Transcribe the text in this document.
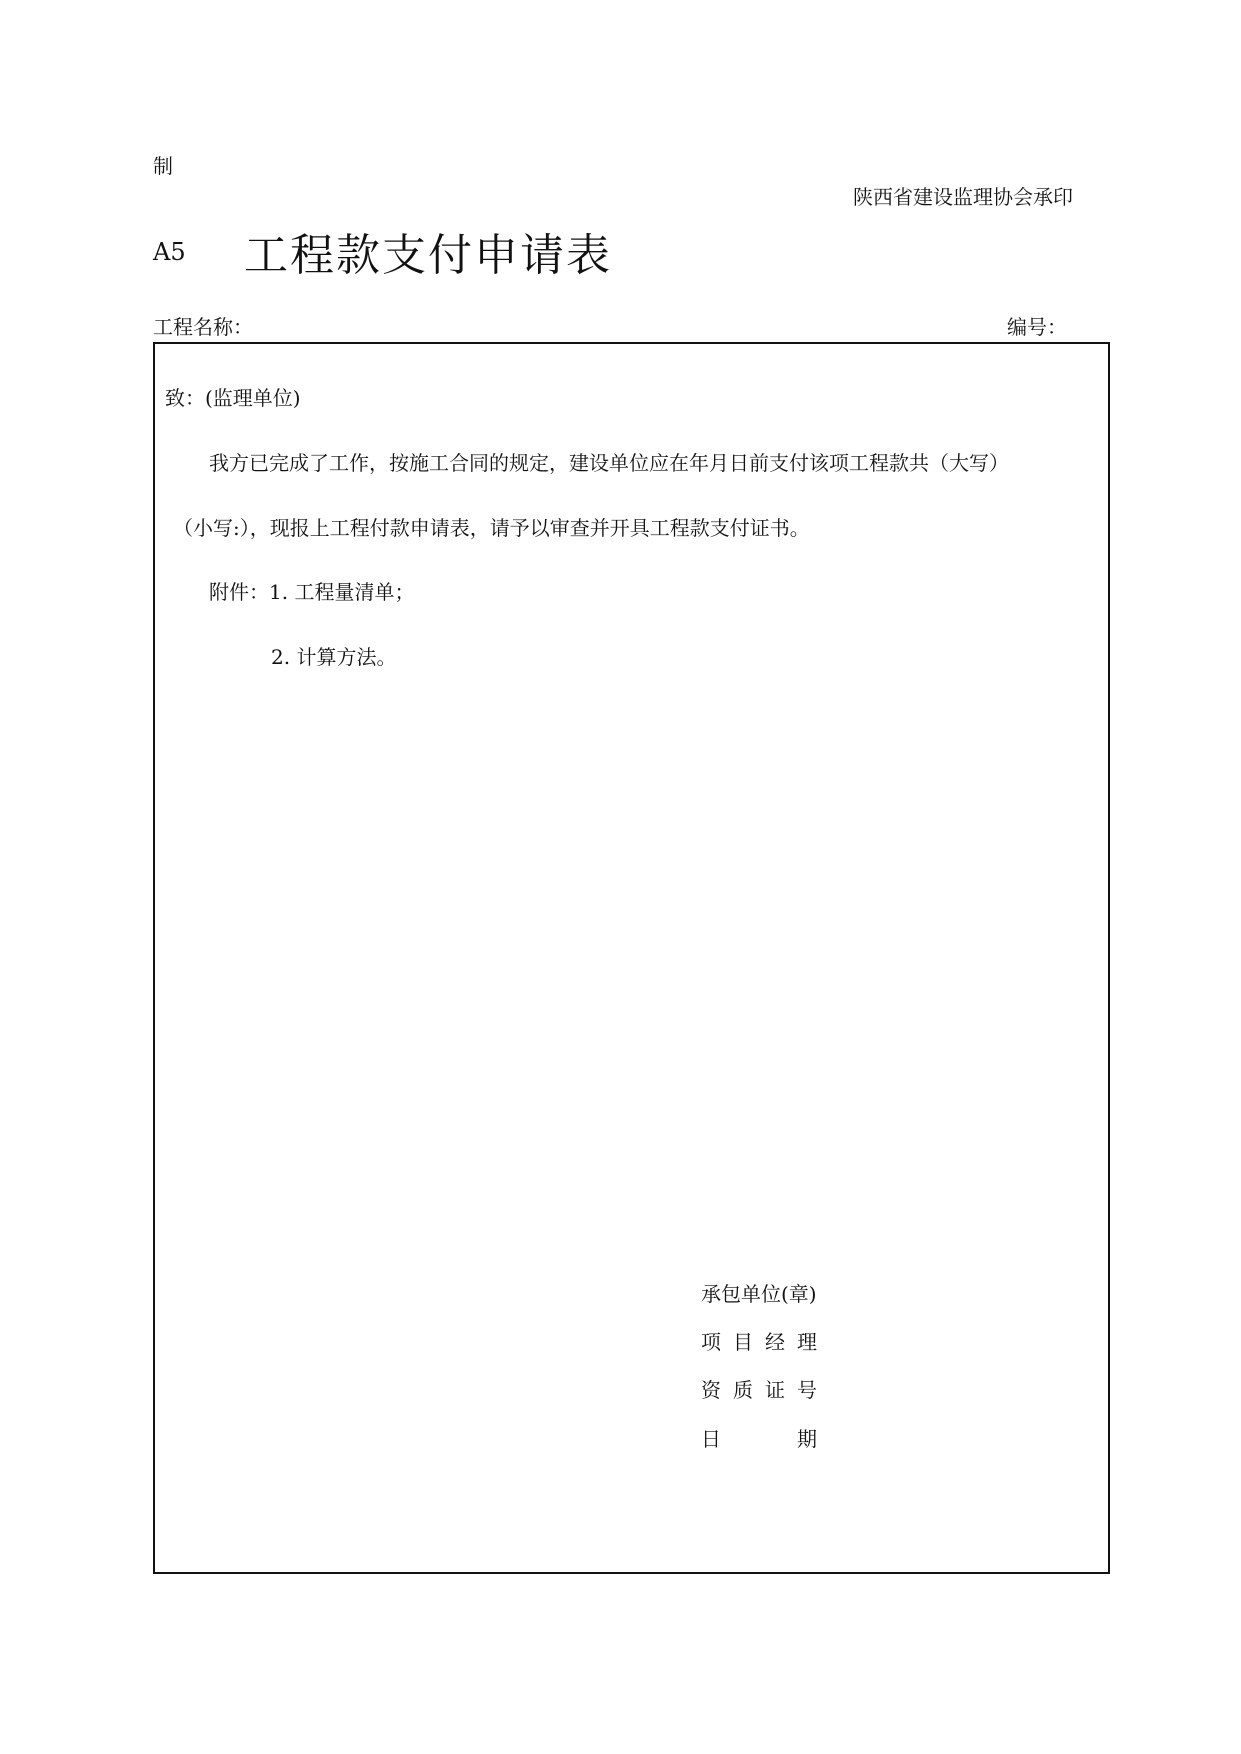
制
陕西省建设监理协会承印
A5 工程款支付申请表
工程名称：	编号：
致：(监理单位)
我方已完成了工作，按施工合同的规定，建设单位应在年月日前支付该项工程款共（大写）
（小写:），现报上工程付款申请表，请予以审查并开具工程款支付证书。
附件：1. 工程量清单；
2. 计算方法。
承包单位(章)
项目经理
资质证号
日期
